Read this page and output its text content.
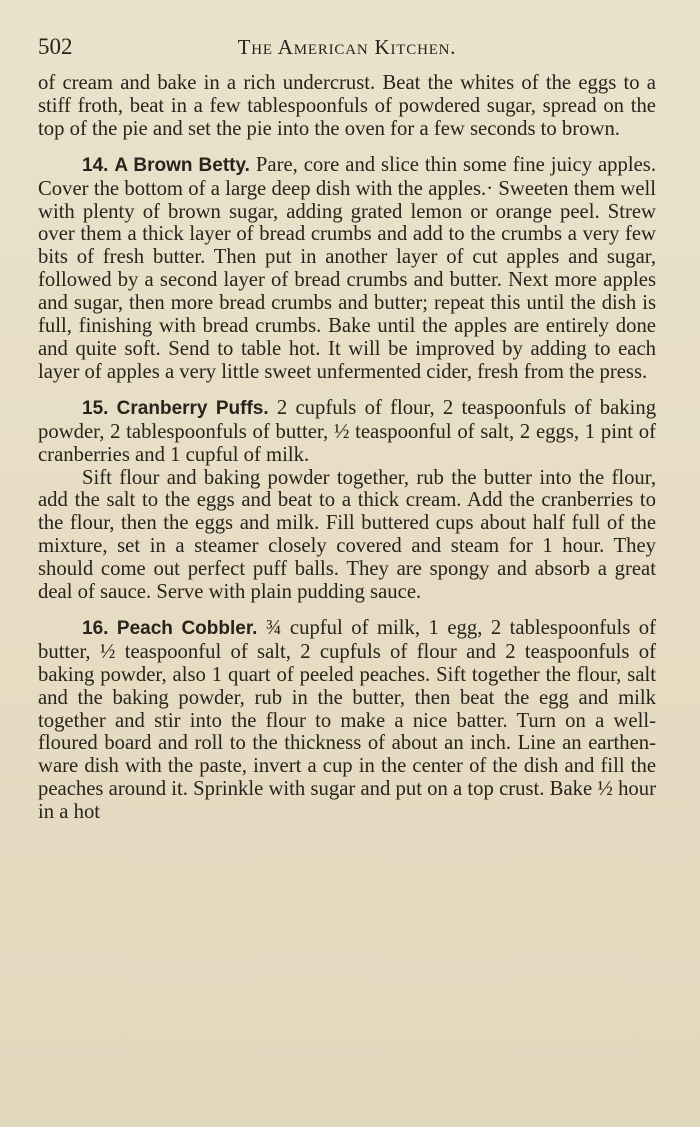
502	The American Kitchen.

of cream and bake in a rich undercrust. Beat the whites of the eggs to a stiff froth, beat in a few tablespoonfuls of powdered sugar, spread on the top of the pie and set the pie into the oven for a few seconds to brown.

14. A Brown Betty. Pare, core and slice thin some fine juicy apples. Cover the bottom of a large deep dish with the apples.· Sweeten them well with plenty of brown sugar, adding grated lemon or orange peel. Strew over them a thick layer of bread crumbs and add to the crumbs a very few bits of fresh butter. Then put in another layer of cut apples and sugar, followed by a second layer of bread crumbs and butter. Next more apples and sugar, then more bread crumbs and butter; repeat this until the dish is full, finishing with bread crumbs. Bake until the apples are entirely done and quite soft. Send to table hot. It will be improved by adding to each layer of apples a very little sweet unfermented cider, fresh from the press.

15. Cranberry Puffs. 2 cupfuls of flour, 2 teaspoonfuls of baking powder, 2 tablespoonfuls of butter, ½ teaspoonful of salt, 2 eggs, 1 pint of cranberries and 1 cupful of milk.

Sift flour and baking powder together, rub the butter into the flour, add the salt to the eggs and beat to a thick cream. Add the cranberries to the flour, then the eggs and milk. Fill buttered cups about half full of the mixture, set in a steamer closely covered and steam for 1 hour. They should come out perfect puff balls. They are spongy and absorb a great deal of sauce. Serve with plain pudding sauce.

16. Peach Cobbler. ¾ cupful of milk, 1 egg, 2 tablespoonfuls of butter, ½ teaspoonful of salt, 2 cupfuls of flour and 2 teaspoonfuls of baking powder, also 1 quart of peeled peaches. Sift together the flour, salt and the baking powder, rub in the butter, then beat the egg and milk together and stir into the flour to make a nice batter. Turn on a well-floured board and roll to the thickness of about an inch. Line an earthenware dish with the paste, invert a cup in the center of the dish and fill the peaches around it. Sprinkle with sugar and put on a top crust. Bake ½ hour in a hot
